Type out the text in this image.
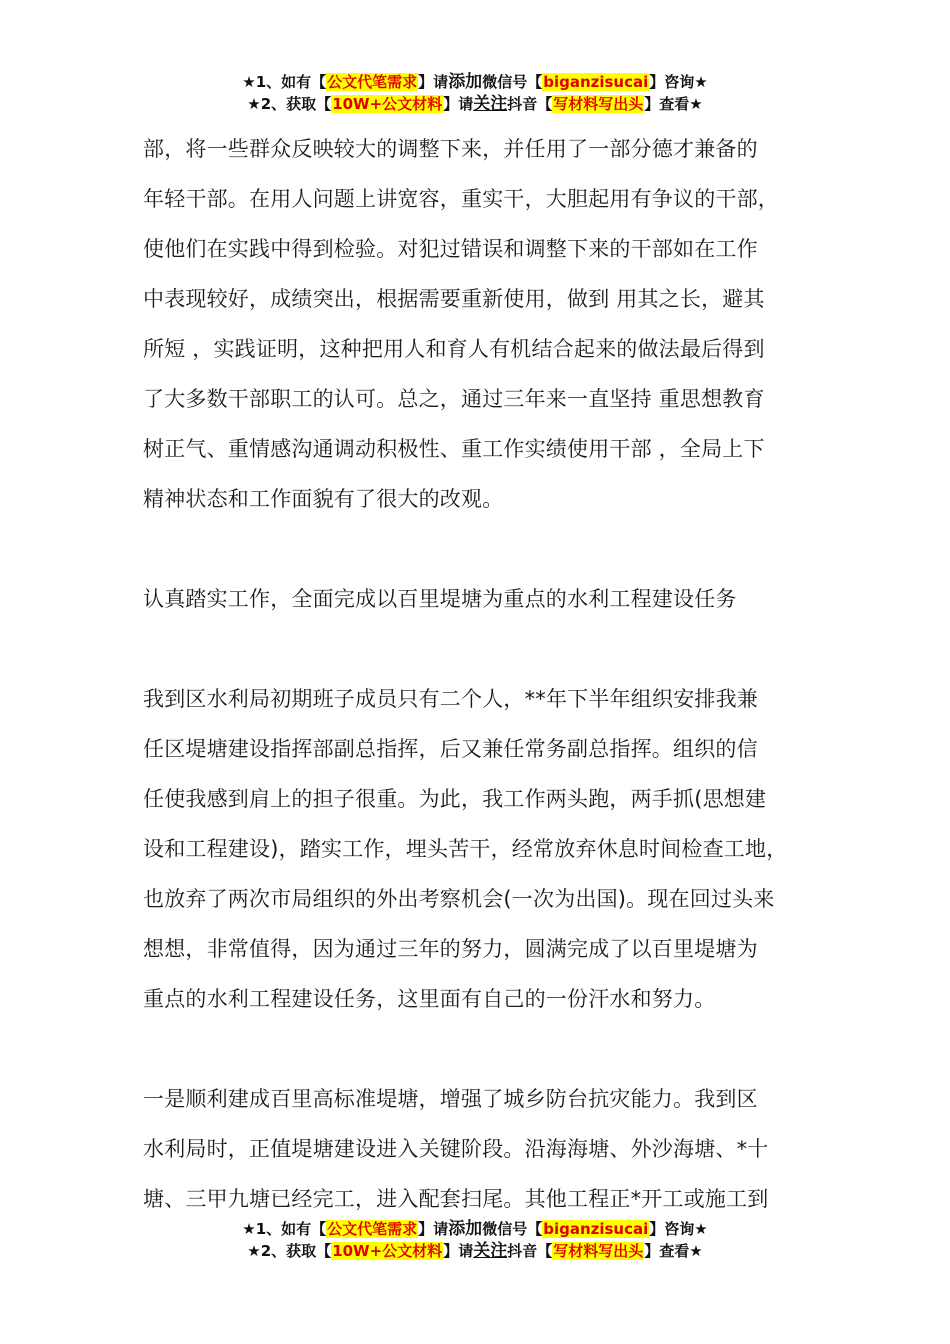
★1、如有【公文代笔需求】请添加微信号【biganzisucai】咨询★
★2、获取【10W+公文材料】请关注抖音【写材料写出头】查看★

部，将一些群众反映较大的调整下来，并任用了一部分德才兼备的

年轻干部。在用人问题上讲宽容，重实干，大胆起用有争议的干部，

使他们在实践中得到检验。对犯过错误和调整下来的干部如在工作

中表现较好，成绩突出，根据需要重新使用，做到 用其之长，避其

所短 ，实践证明，这种把用人和育人有机结合起来的做法最后得到

了大多数干部职工的认可。总之，通过三年来一直坚持 重思想教育

树正气、重情感沟通调动积极性、重工作实绩使用干部 ，全局上下

精神状态和工作面貌有了很大的改观。

认真踏实工作，全面完成以百里堤塘为重点的水利工程建设任务

我到区水利局初期班子成员只有二个人，**年下半年组织安排我兼

任区堤塘建设指挥部副总指挥，后又兼任常务副总指挥。组织的信

任使我感到肩上的担子很重。为此，我工作两头跑，两手抓(思想建

设和工程建设)，踏实工作，埋头苦干，经常放弃休息时间检查工地，

也放弃了两次市局组织的外出考察机会(一次为出国)。现在回过头来

想想，非常值得，因为通过三年的努力，圆满完成了以百里堤塘为

重点的水利工程建设任务，这里面有自己的一份汗水和努力。

一是顺利建成百里高标准堤塘，增强了城乡防台抗灾能力。我到区

水利局时，正值堤塘建设进入关键阶段。沿海海塘、外沙海塘、*十

塘、三甲九塘已经完工，进入配套扫尾。其他工程正*开工或施工到

★1、如有【公文代笔需求】请添加微信号【biganzisucai】咨询★
★2、获取【10W+公文材料】请关注抖音【写材料写出头】查看★
